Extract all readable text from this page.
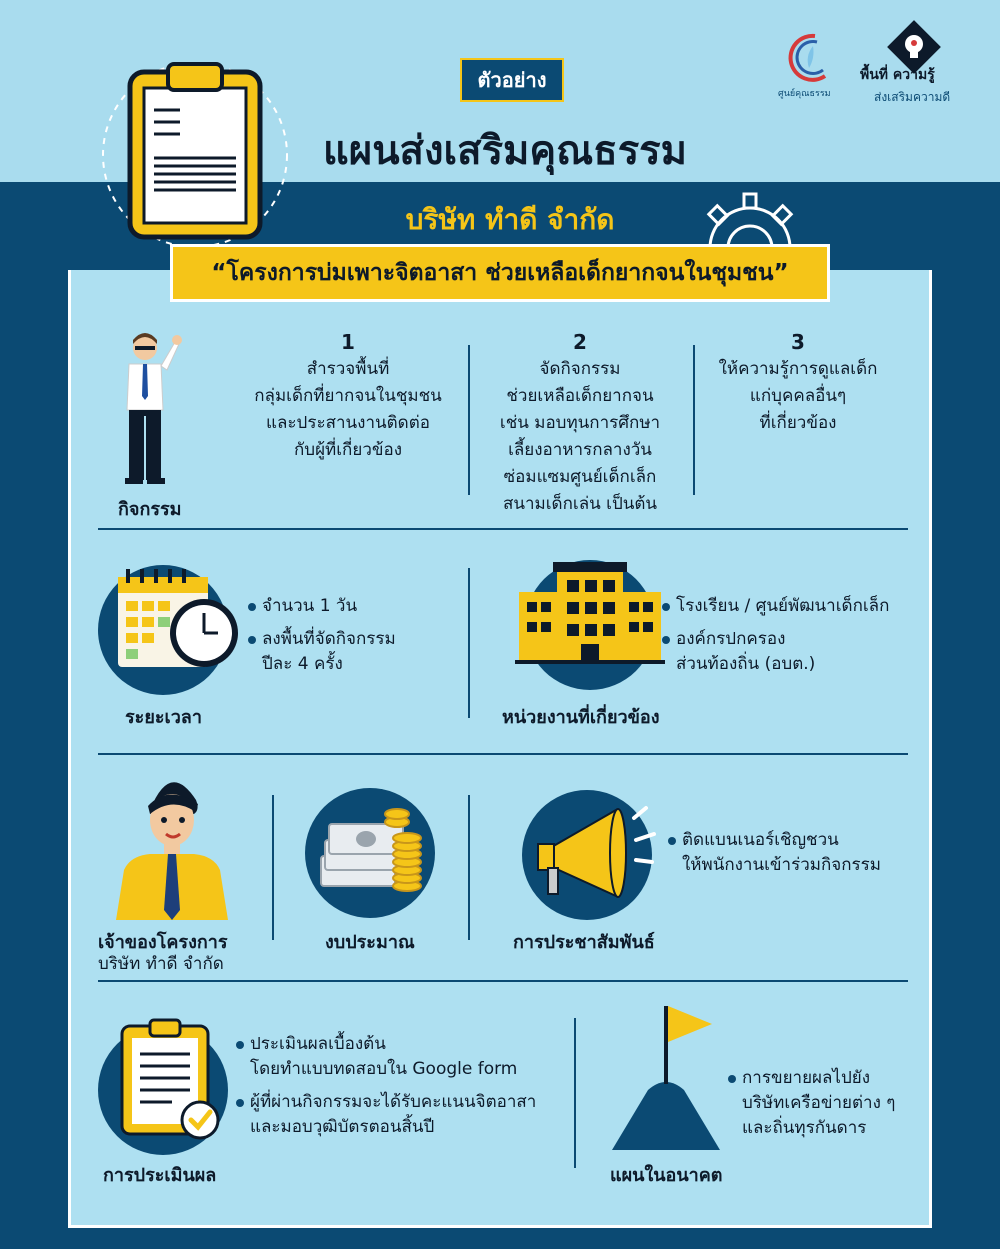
ตัวอย่าง
แผนส่งเสริมคุณธรรม
ศูนย์คุณธรรม
พื้นที่ ความรู้
ส่งเสริมความดี
บริษัท ทำดี จำกัด
“โครงการบ่มเพาะจิตอาสา ช่วยเหลือเด็กยากจนในชุมชน”
กิจกรรม
1
สำรวจพื้นที่
กลุ่มเด็กที่ยากจนในชุมชน
และประสานงานติดต่อ
กับผู้ที่เกี่ยวข้อง
2
จัดกิจกรรม
ช่วยเหลือเด็กยากจน
เช่น มอบทุนการศึกษา
เลี้ยงอาหารกลางวัน
ซ่อมแซมศูนย์เด็กเล็ก
สนามเด็กเล่น เป็นต้น
3
ให้ความรู้การดูแลเด็ก
แก่บุคคลอื่นๆ
ที่เกี่ยวข้อง
จำนวน 1 วัน
ลงพื้นที่จัดกิจกรรม
ปีละ 4 ครั้ง
ระยะเวลา
โรงเรียน / ศูนย์พัฒนาเด็กเล็ก
องค์กรปกครอง
ส่วนท้องถิ่น (อบต.)
หน่วยงานที่เกี่ยวข้อง
เจ้าของโครงการ
บริษัท ทำดี จำกัด
งบประมาณ
ติดแบนเนอร์เชิญชวน
ให้พนักงานเข้าร่วมกิจกรรม
การประชาสัมพันธ์
ประเมินผลเบื้องต้น
โดยทำแบบทดสอบใน Google form
ผู้ที่ผ่านกิจกรรมจะได้รับคะแนนจิตอาสา
และมอบวุฒิบัตรตอนสิ้นปี
การประเมินผล
การขยายผลไปยัง
บริษัทเครือข่ายต่าง ๆ
และถิ่นทุรกันดาร
แผนในอนาคต
